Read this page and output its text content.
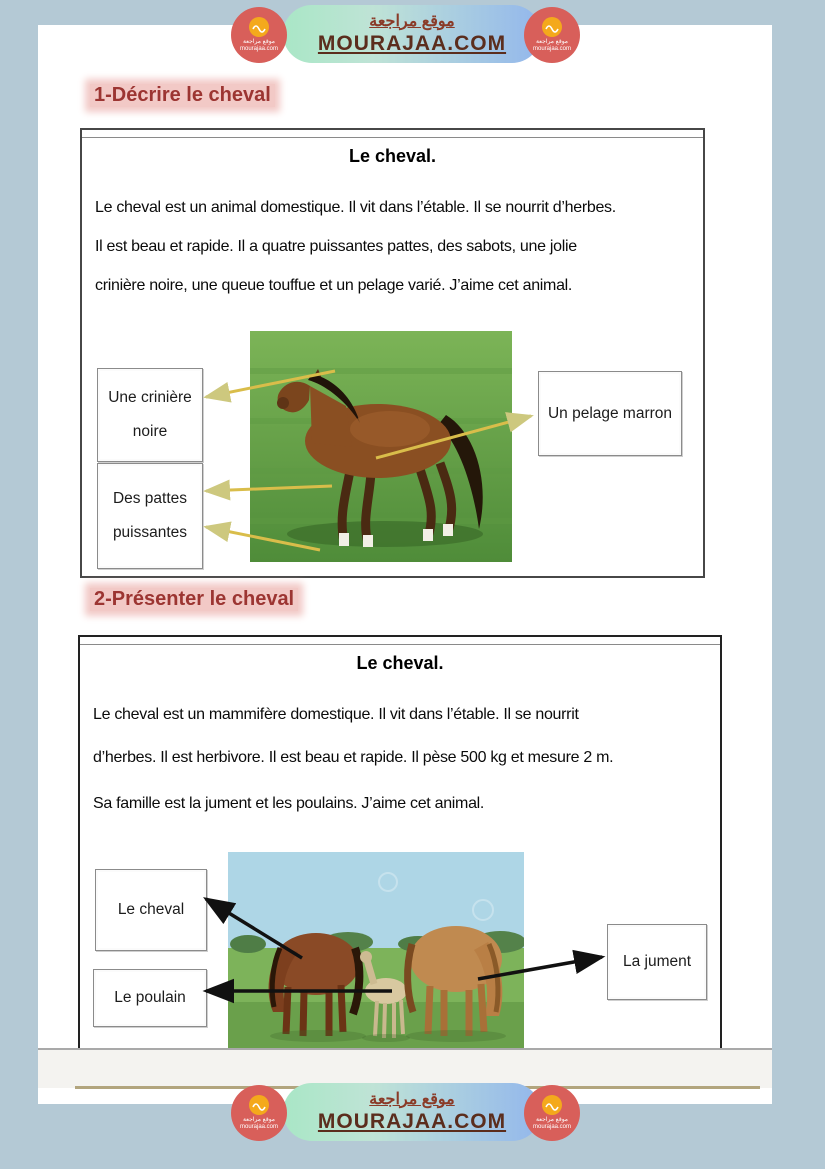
موقع مراجعة
MOURAJAA.COM
موقع مراجعة
mourajaa.com
موقع مراجعة
mourajaa.com
1-Décrire le cheval
Le cheval.
Le cheval est un animal domestique. Il vit dans l’étable. Il se nourrit d’herbes.
Il est beau et rapide. Il a quatre puissantes pattes, des sabots, une jolie
crinière noire, une queue touffue et un pelage varié. J’aime cet animal.
Une crinière noire
Des pattes puissantes
Un pelage marron
2-Présenter le cheval
Le cheval.
Le cheval est un mammifère domestique. Il vit dans l’étable. Il se nourrit
d’herbes. Il est herbivore. Il est beau et rapide. Il pèse 500 kg et mesure 2 m.
Sa famille est la jument et les poulains. J’aime cet animal.
Le cheval
Le poulain
La jument
موقع مراجعة
MOURAJAA.COM
موقع مراجعة
mourajaa.com
موقع مراجعة
mourajaa.com
